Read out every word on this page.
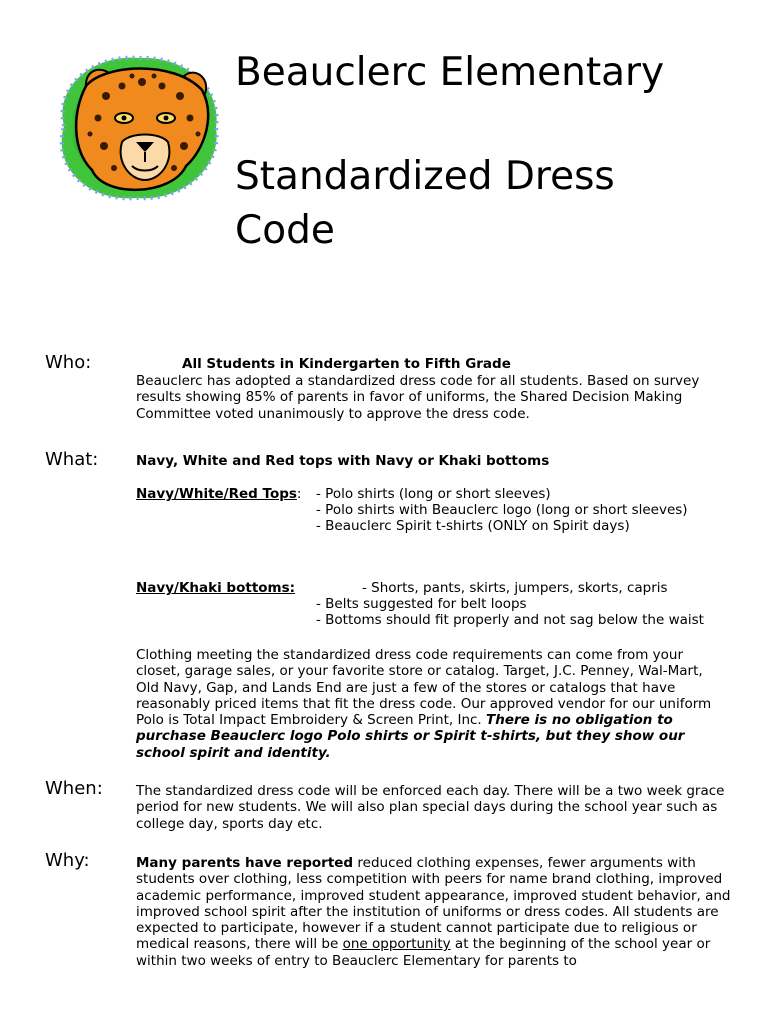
Beauclerc Elementary
Standardized Dress
Code
Who:	All Students in Kindergarten to Fifth Grade
Beauclerc has adopted a standardized dress code for all students. Based on survey results showing 85% of parents in favor of uniforms, the Shared Decision Making Committee voted unanimously to approve the dress code.
What:	Navy, White and Red tops with Navy or Khaki bottoms
Navy/White/Red Tops: - Polo shirts (long or short sleeves)
- Polo shirts with Beauclerc logo (long or short sleeves)
- Beauclerc Spirit t-shirts (ONLY on Spirit days)
Navy/Khaki bottoms:	- Shorts, pants, skirts, jumpers, skorts, capris
- Belts suggested for belt loops
- Bottoms should fit properly and not sag below the waist
Clothing meeting the standardized dress code requirements can come from your closet, garage sales, or your favorite store or catalog. Target, J.C. Penney, Wal-Mart, Old Navy, Gap, and Lands End are just a few of the stores or catalogs that have reasonably priced items that fit the dress code. Our approved vendor for our uniform Polo is Total Impact Embroidery & Screen Print, Inc. There is no obligation to purchase Beauclerc logo Polo shirts or Spirit t-shirts, but they show our school spirit and identity.
When: The standardized dress code will be enforced each day. There will be a two week grace period for new students. We will also plan special days during the school year such as college day, sports day etc.
Why:	Many parents have reported reduced clothing expenses, fewer arguments with students over clothing, less competition with peers for name brand clothing, improved academic performance, improved student appearance, improved student behavior, and improved school spirit after the institution of uniforms or dress codes. All students are expected to participate, however if a student cannot participate due to religious or medical reasons, there will be one opportunity at the beginning of the school year or within two weeks of entry to Beauclerc Elementary for parents to
